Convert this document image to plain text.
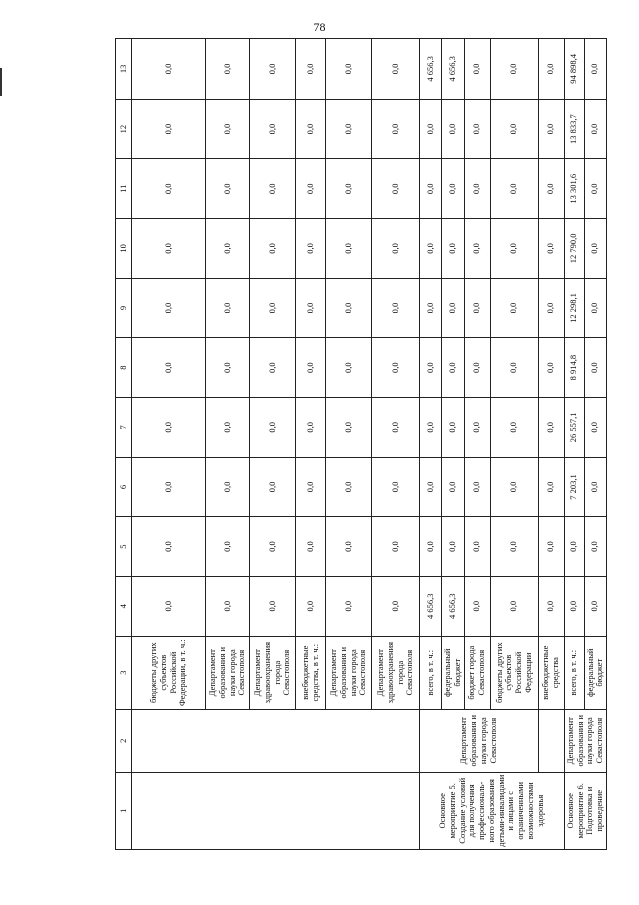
78
1	2	3	4	5	6	7	8	9	10	11	12	13
		бюджеты других субъектов Российской Федерации, в т. ч.:	0,0	0,0	0,0	0,0	0,0	0,0	0,0	0,0	0,0	0,0
		Департамент образования и науки города Севастополя	0,0	0,0	0,0	0,0	0,0	0,0	0,0	0,0	0,0	0,0
		Департамент здравоохранения города Севастополя	0,0	0,0	0,0	0,0	0,0	0,0	0,0	0,0	0,0	0,0
		внебюджетные средства, в т. ч.:	0,0	0,0	0,0	0,0	0,0	0,0	0,0	0,0	0,0	0,0
		Департамент образования и науки города Севастополя	0,0	0,0	0,0	0,0	0,0	0,0	0,0	0,0	0,0	0,0
		Департамент здравоохранения города Севастополя	0,0	0,0	0,0	0,0	0,0	0,0	0,0	0,0	0,0	0,0
Основное мероприятие 5. Создание условий для получения профессиональ-ного образования детьми-инвалидами и лицами с ограниченными возможностями здоровья	Департамент образования и науки города Севастополя	всего, в т. ч.:	4 656,3	0,0	0,0	0,0	0,0	0,0	0,0	0,0	0,0	4 656,3
		федеральный бюджет	4 656,3	0,0	0,0	0,0	0,0	0,0	0,0	0,0	0,0	4 656,3
		бюджет города Севастополя	0,0	0,0	0,0	0,0	0,0	0,0	0,0	0,0	0,0	0,0
		бюджеты других субъектов Российской Федерации	0,0	0,0	0,0	0,0	0,0	0,0	0,0	0,0	0,0	0,0
		внебюджетные средства	0,0	0,0	0,0	0,0	0,0	0,0	0,0	0,0	0,0	0,0
Основное мероприятие 6. Подготовка и проведение	Департамент образования и науки города Севастополя	всего, в т. ч.:	0,0	0,0	7 203,1	26 557,1	8 914,8	12 298,1	12 790,0	13 301,6	13 833,7	94 898,4
		федеральный бюджет	0,0	0,0	0,0	0,0	0,0	0,0	0,0	0,0	0,0	0,0
